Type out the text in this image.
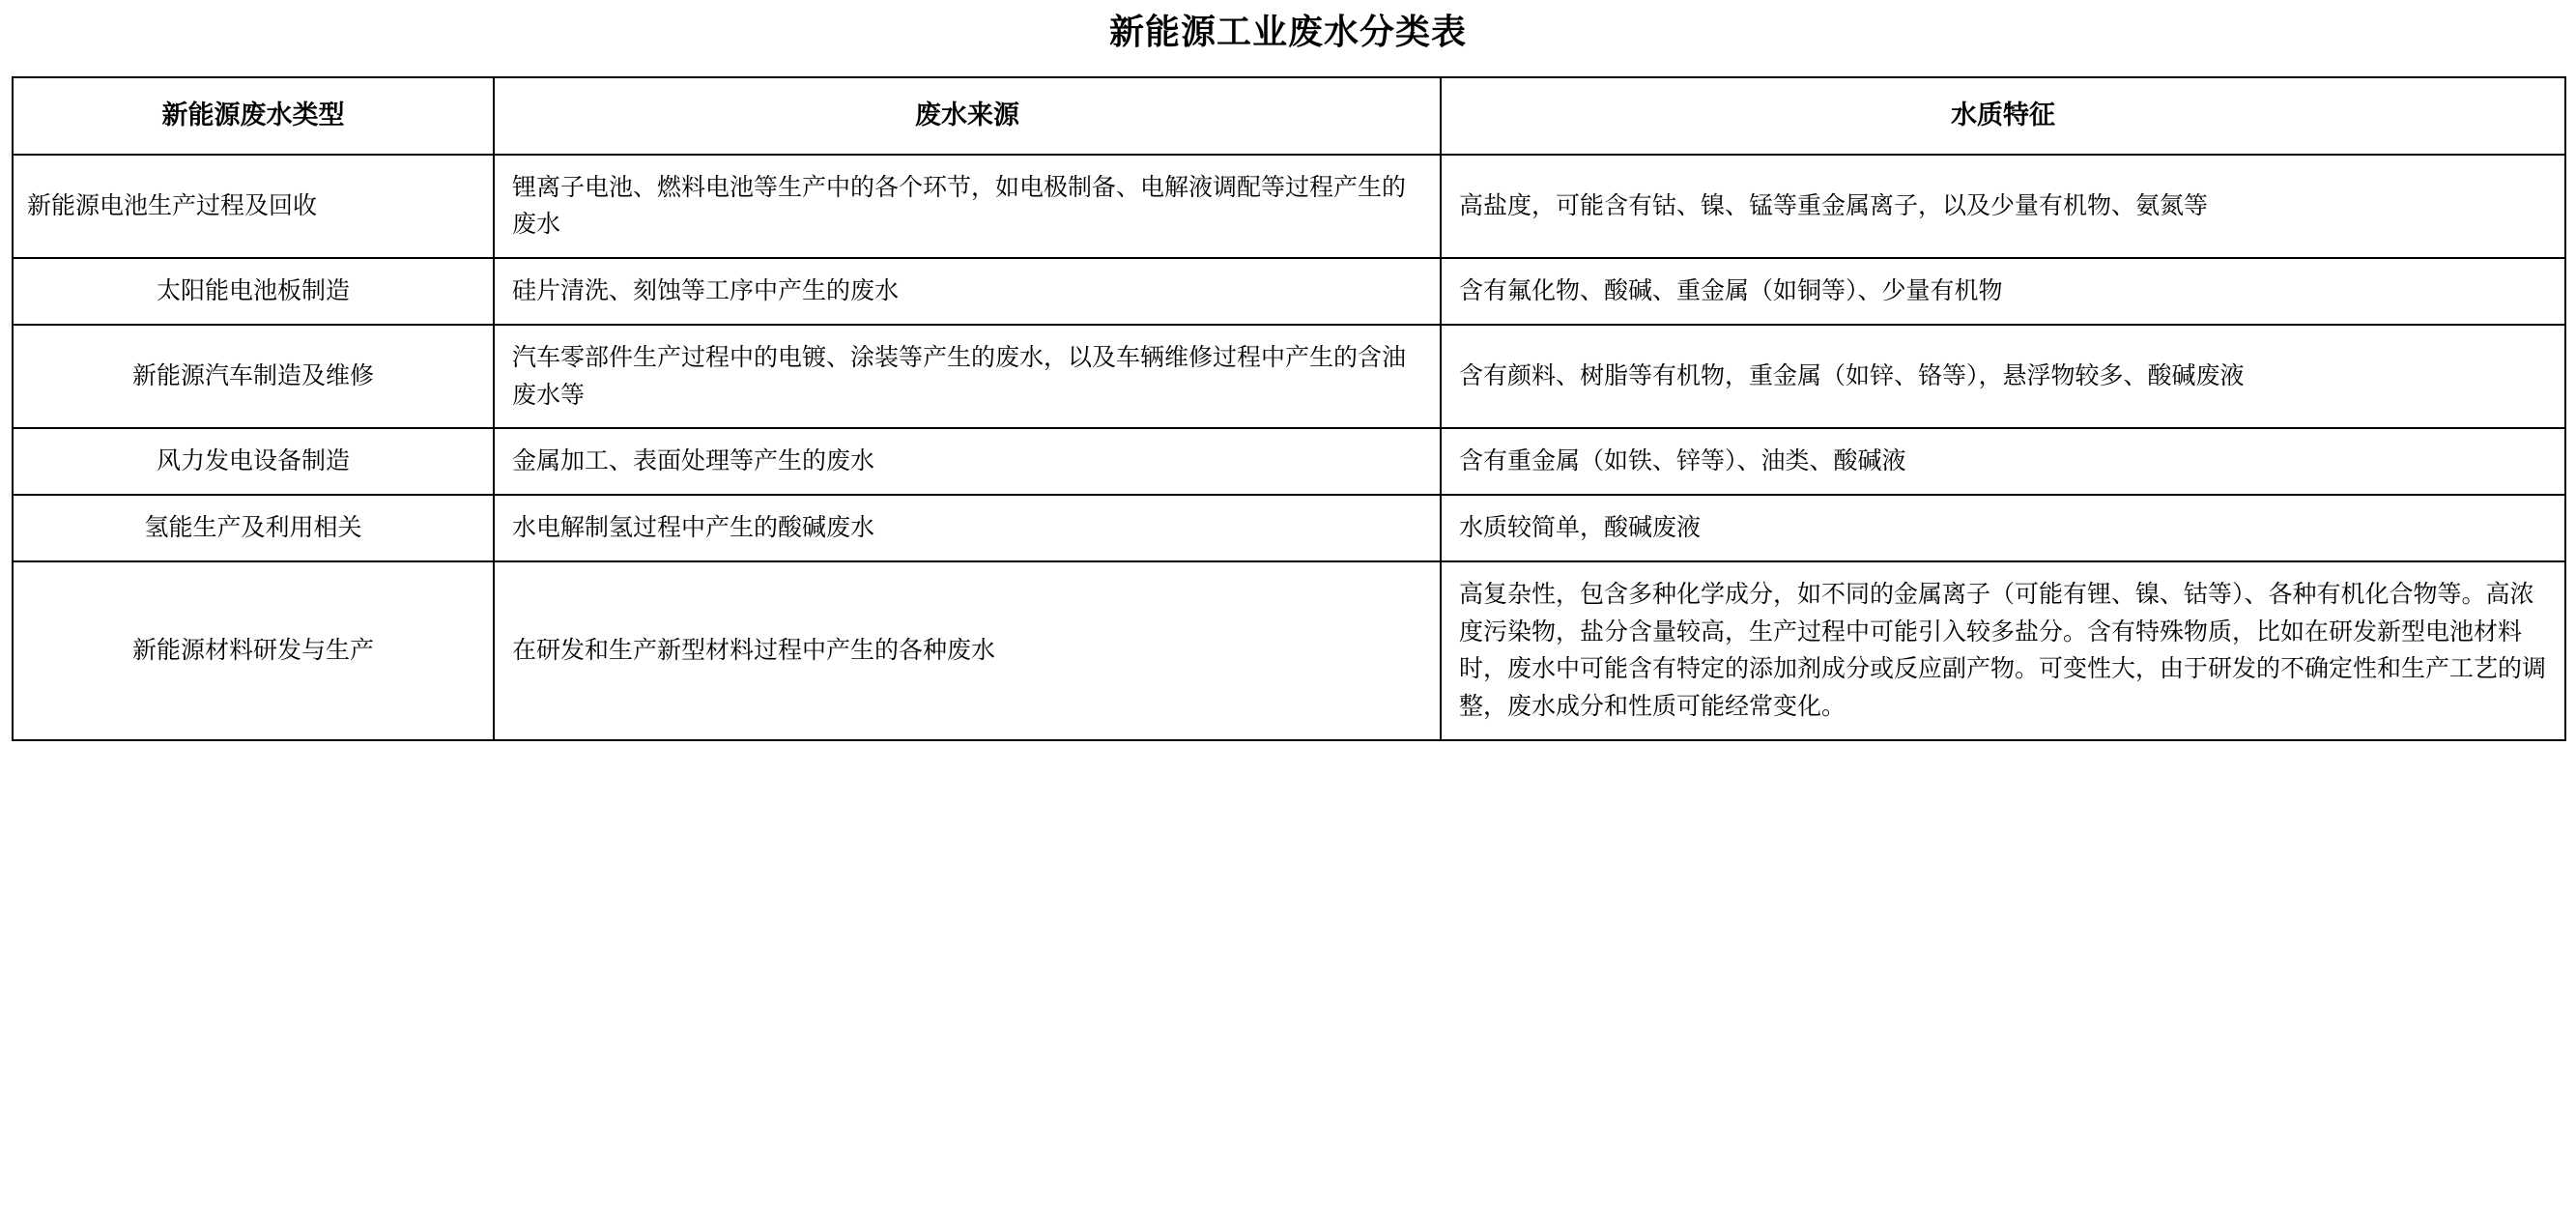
新能源工业废水分类表
新能源废水类型	废水来源	水质特征
新能源电池生产过程及回收	锂离子电池、燃料电池等生产中的各个环节，如电极制备、电解液调配等过程产生的废水	高盐度，可能含有钴、镍、锰等重金属离子，以及少量有机物、氨氮等
太阳能电池板制造	硅片清洗、刻蚀等工序中产生的废水	含有氟化物、酸碱、重金属（如铜等）、少量有机物
新能源汽车制造及维修	汽车零部件生产过程中的电镀、涂装等产生的废水，以及车辆维修过程中产生的含油废水等	含有颜料、树脂等有机物，重金属（如锌、铬等），悬浮物较多、酸碱废液
风力发电设备制造	金属加工、表面处理等产生的废水	含有重金属（如铁、锌等）、油类、酸碱液
氢能生产及利用相关	水电解制氢过程中产生的酸碱废水	水质较简单，酸碱废液
新能源材料研发与生产	在研发和生产新型材料过程中产生的各种废水	高复杂性，包含多种化学成分，如不同的金属离子（可能有锂、镍、钴等）、各种有机化合物等。高浓度污染物，盐分含量较高，生产过程中可能引入较多盐分。含有特殊物质，比如在研发新型电池材料时，废水中可能含有特定的添加剂成分或反应副产物。可变性大，由于研发的不确定性和生产工艺的调整，废水成分和性质可能经常变化。
